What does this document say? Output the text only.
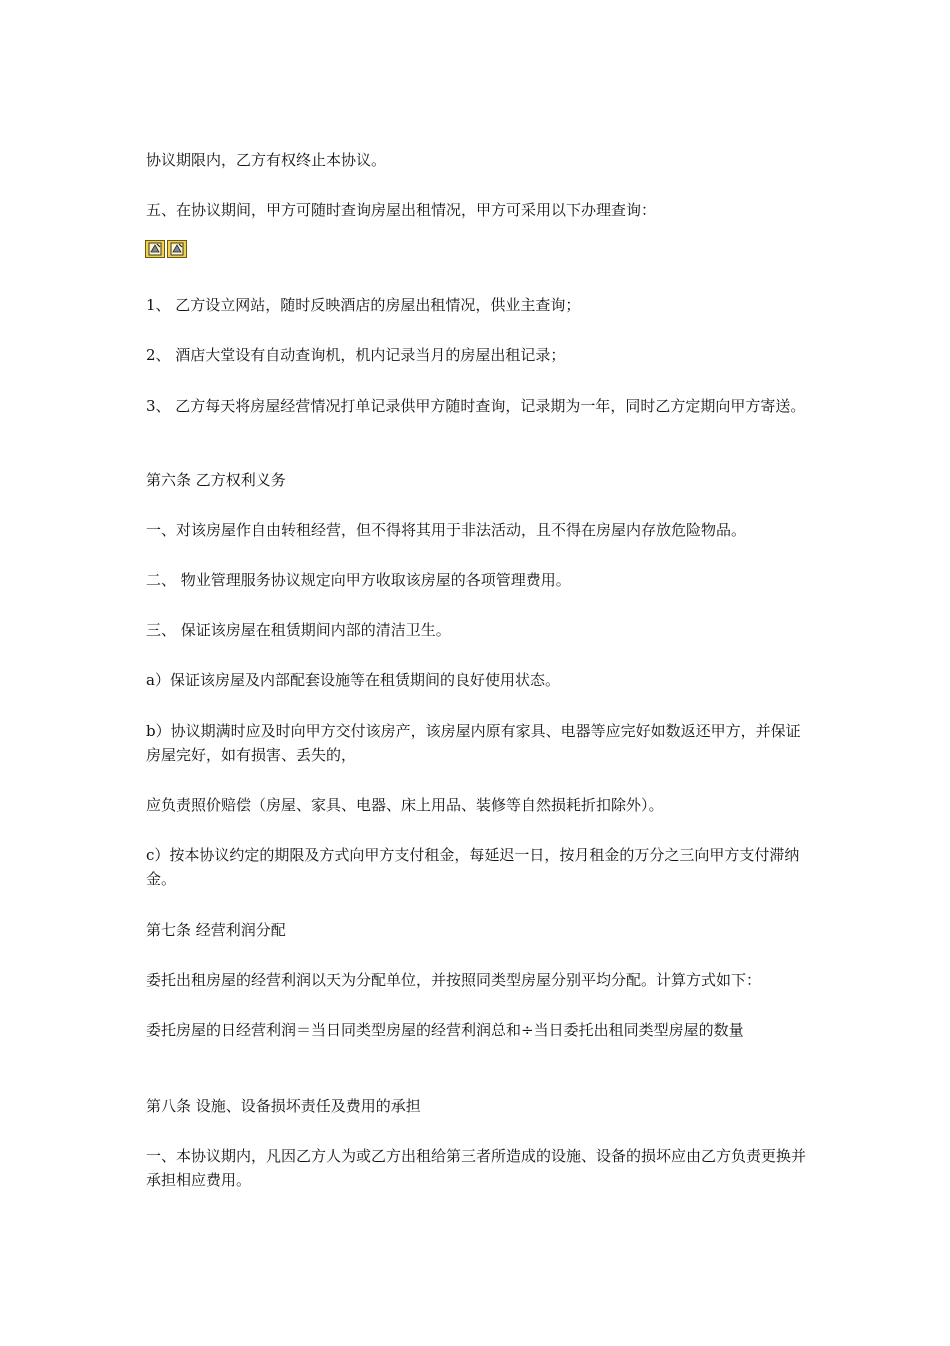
协议期限内，乙方有权终止本协议。

五、在协议期间，甲方可随时查询房屋出租情况，甲方可采用以下办理查询：

1、 乙方设立网站，随时反映酒店的房屋出租情况，供业主查询；

2、 酒店大堂设有自动查询机，机内记录当月的房屋出租记录；

3、 乙方每天将房屋经营情况打单记录供甲方随时查询，记录期为一年，同时乙方定期向甲方寄送。

第六条 乙方权利义务

一、对该房屋作自由转租经营，但不得将其用于非法活动，且不得在房屋内存放危险物品。

二、 物业管理服务协议规定向甲方收取该房屋的各项管理费用。

三、 保证该房屋在租赁期间内部的清洁卫生。

a）保证该房屋及内部配套设施等在租赁期间的良好使用状态。

b）协议期满时应及时向甲方交付该房产，该房屋内原有家具、电器等应完好如数返还甲方，并保证房屋完好，如有损害、丢失的，

应负责照价赔偿（房屋、家具、电器、床上用品、装修等自然损耗折扣除外）。

c）按本协议约定的期限及方式向甲方支付租金，每延迟一日，按月租金的万分之三向甲方支付滞纳金。

第七条 经营利润分配

委托出租房屋的经营利润以天为分配单位，并按照同类型房屋分别平均分配。计算方式如下：

委托房屋的日经营利润＝当日同类型房屋的经营利润总和÷当日委托出租同类型房屋的数量

第八条 设施、设备损坏责任及费用的承担

一、本协议期内，凡因乙方人为或乙方出租给第三者所造成的设施、设备的损坏应由乙方负责更换并承担相应费用。
